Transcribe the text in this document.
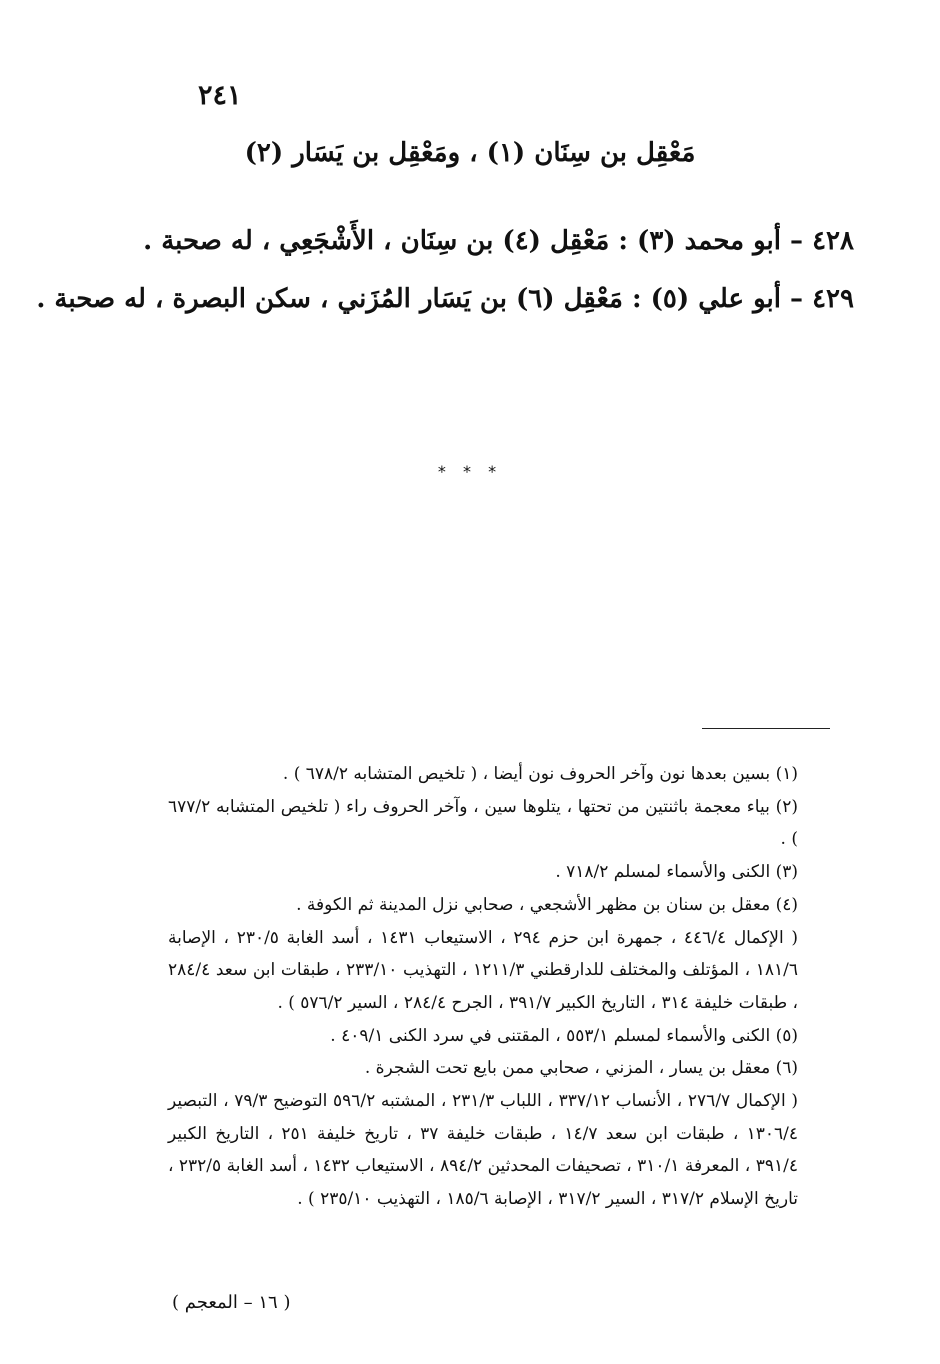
٢٤١
مَعْقِل بن سِنَان (١) ، ومَعْقِل بن يَسَار (٢)
٤٢٨ – أبو محمد (٣) : مَعْقِل (٤) بن سِنَان ، الأَشْجَعِي ، له صحبة .
٤٢٩ – أبو علي (٥) : مَعْقِل (٦) بن يَسَار المُزَني ، سكن البصرة ، له صحبة .
* * *

(١) بسين بعدها نون وآخر الحروف نون أيضا ، ( تلخيص المتشابه ٦٧٨/٢ ) .

(٢) بياء معجمة باثنتين من تحتها ، يتلوها سين ، وآخر الحروف راء ( تلخيص المتشابه ٦٧٧/٢ ) .

(٣) الكنى والأسماء لمسلم ٧١٨/٢ .

(٤) معقل بن سنان بن مظهر الأشجعي ، صحابي نزل المدينة ثم الكوفة .

( الإكمال ٤٤٦/٤ ، جمهرة ابن حزم ٢٩٤ ، الاستيعاب ١٤٣١ ، أسد الغابة ٢٣٠/٥ ، الإصابة ١٨١/٦ ، المؤتلف والمختلف للدارقطني ١٢١١/٣ ، التهذيب ٢٣٣/١٠ ، طبقات ابن سعد ٢٨٤/٤ ، طبقات خليفة ٣١٤ ، التاريخ الكبير ٣٩١/٧ ، الجرح ٢٨٤/٤ ، السير ٥٧٦/٢ ) .

(٥) الكنى والأسماء لمسلم ٥٥٣/١ ، المقتنى في سرد الكنى ٤٠٩/١ .

(٦) معقل بن يسار ، المزني ، صحابي ممن بايع تحت الشجرة .

( الإكمال ٢٧٦/٧ ، الأنساب ٣٣٧/١٢ ، اللباب ٢٣١/٣ ، المشتبه ٥٩٦/٢ التوضيح ٧٩/٣ ، التبصير ١٣٠٦/٤ ، طبقات ابن سعد ١٤/٧ ، طبقات خليفة ٣٧ ، تاريخ خليفة ٢٥١ ، التاريخ الكبير ٣٩١/٤ ، المعرفة ٣١٠/١ ، تصحيفات المحدثين ٨٩٤/٢ ، الاستيعاب ١٤٣٢ ، أسد الغابة ٢٣٢/٥ ، تاريخ الإسلام ٣١٧/٢ ، السير ٣١٧/٢ ، الإصابة ١٨٥/٦ ، التهذيب ٢٣٥/١٠ ) .

( ١٦ – المعجم )
